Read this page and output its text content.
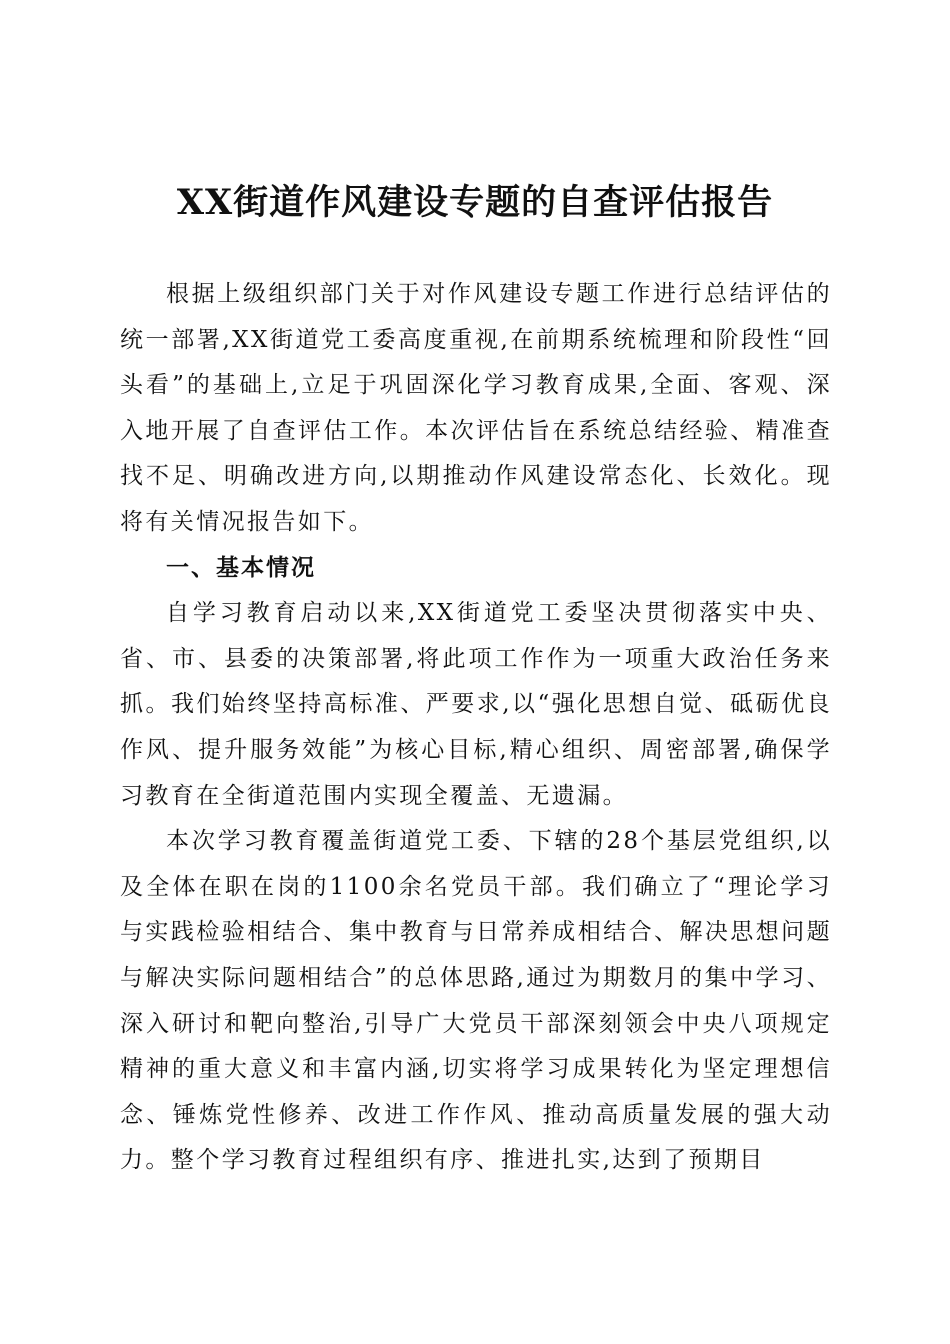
XX街道作风建设专题的自查评估报告

根据上级组织部门关于对作风建设专题工作进行总结评估的统一部署,XX街道党工委高度重视,在前期系统梳理和阶段性“回头看”的基础上,立足于巩固深化学习教育成果,全面、客观、深入地开展了自查评估工作。本次评估旨在系统总结经验、精准查找不足、明确改进方向,以期推动作风建设常态化、长效化。现将有关情况报告如下。

一、基本情况

自学习教育启动以来,XX街道党工委坚决贯彻落实中央、省、市、县委的决策部署,将此项工作作为一项重大政治任务来抓。我们始终坚持高标准、严要求,以“强化思想自觉、砥砺优良作风、提升服务效能”为核心目标,精心组织、周密部署,确保学习教育在全街道范围内实现全覆盖、无遗漏。

本次学习教育覆盖街道党工委、下辖的28个基层党组织,以及全体在职在岗的1100余名党员干部。我们确立了“理论学习与实践检验相结合、集中教育与日常养成相结合、解决思想问题与解决实际问题相结合”的总体思路,通过为期数月的集中学习、深入研讨和靶向整治,引导广大党员干部深刻领会中央八项规定精神的重大意义和丰富内涵,切实将学习成果转化为坚定理想信念、锤炼党性修养、改进工作作风、推动高质量发展的强大动力。整个学习教育过程组织有序、推进扎实,达到了预期目
